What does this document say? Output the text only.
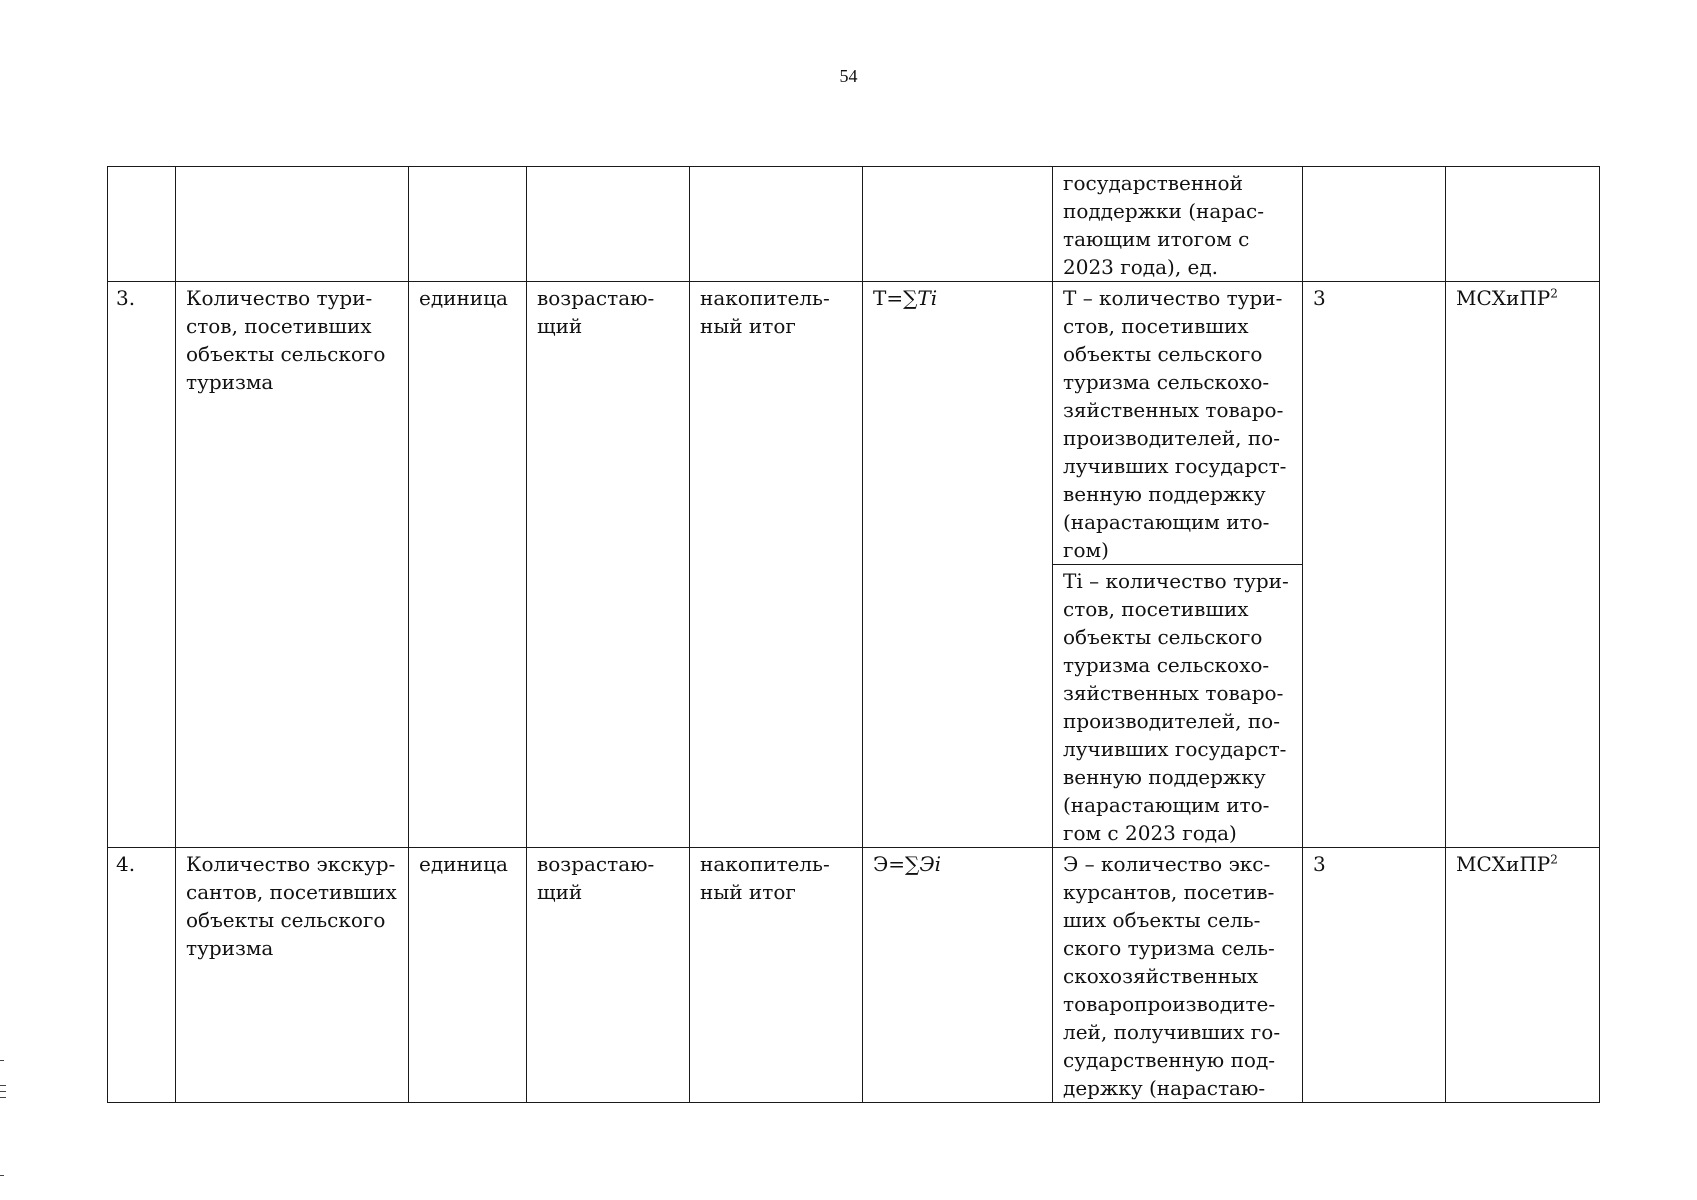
54
						государственной поддержки (нарас-тающим итогом с 2023 года), ед.		
3.	Количество тури-стов, посетивших объекты сельского туризма	единица	возрастаю-щий	накопитель-ный итог	T=∑Ti	Т – количество тури-стов, посетивших объекты сельского туризма сельскохо-зяйственных товаро-производителей, по-лучивших государст-венную поддержку (нарастающим ито-гом)	3	МСХиПР$^2$
						Ti – количество тури-стов, посетивших объекты сельского туризма сельскохо-зяйственных товаро-производителей, по-лучивших государст-венную поддержку (нарастающим ито-гом с 2023 года)		
4.	Количество экскур-сантов, посетивших объекты сельского туризма	единица	возрастаю-щий	накопитель-ный итог	Э=∑Эi	Э – количество экс-курсантов, посетив-ших объекты сель-ского туризма сель-скохозяйственных товаропроизводите-лей, получивших го-сударственную под-держку (нарастаю-	3	МСХиПР$^2$
